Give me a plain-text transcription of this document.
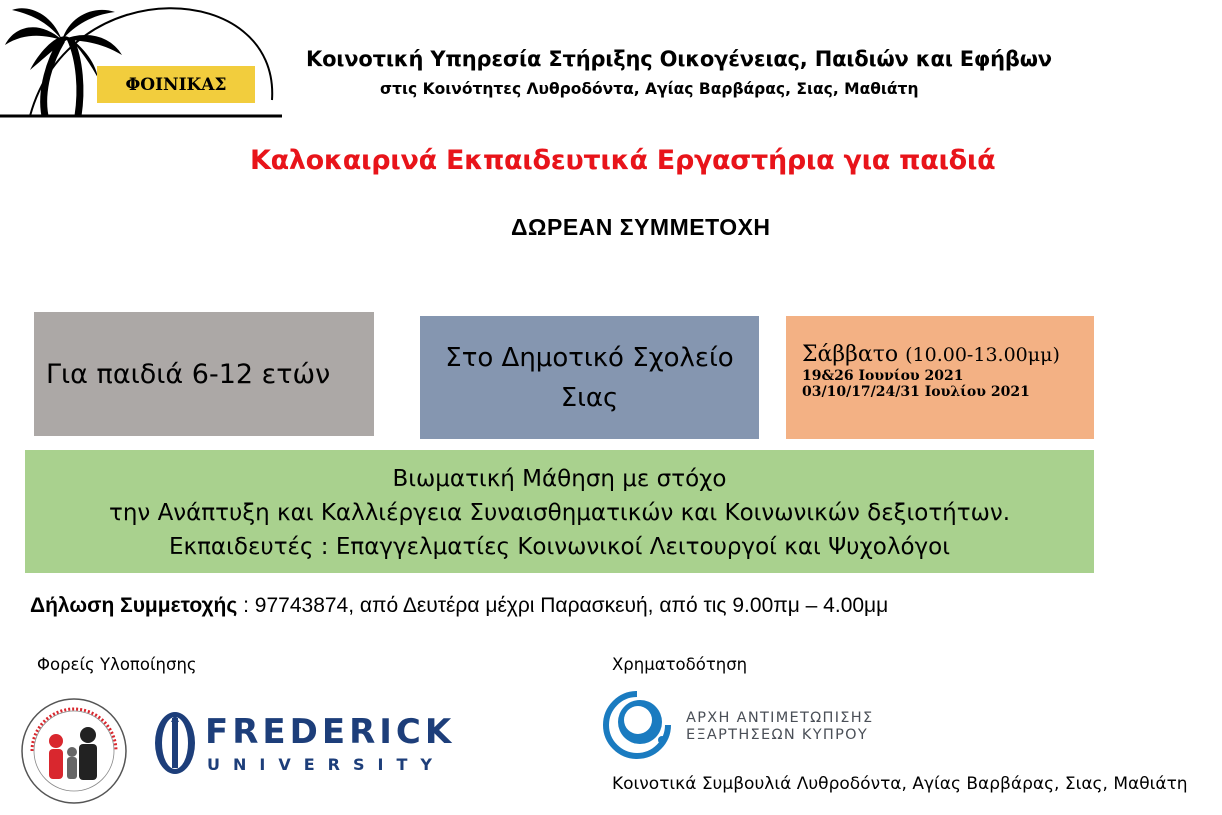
ΦΟΙΝΙΚΑΣ
Κοινοτική Υπηρεσία Στήριξης Οικογένειας, Παιδιών και Εφήβων
στις Κοινότητες Λυθροδόντα, Αγίας Βαρβάρας, Σιας, Μαθιάτη
Καλοκαιρινά Εκπαιδευτικά Εργαστήρια για παιδιά
ΔΩΡΕΑΝ ΣΥΜΜΕΤΟΧΗ
Για παιδιά 6-12 ετών
Στο Δημοτικό Σχολείο Σιας
Σάββατο (10.00-13.00μμ)
19&26 Ιουνίου 2021
03/10/17/24/31 Ιουλίου 2021
Βιωματική Μάθηση με στόχο
την Ανάπτυξη και Καλλιέργεια Συναισθηματικών και Κοινωνικών δεξιοτήτων.
Εκπαιδευτές : Επαγγελματίες Κοινωνικοί Λειτουργοί και Ψυχολόγοι
Δήλωση Συμμετοχής : 97743874, από Δευτέρα μέχρι Παρασκευή, από τις 9.00πμ – 4.00μμ
Φορείς Υλοποίησης	Χρηματοδότηση
FREDERICK
UNIVERSITY
ΑΡΧΗ ΑΝΤΙΜΕΤΩΠΙΣΗΣ
ΕΞΑΡΤΗΣΕΩΝ ΚΥΠΡΟΥ
Κοινοτικά Συμβουλιά Λυθροδόντα, Αγίας Βαρβάρας, Σιας, Μαθιάτη
